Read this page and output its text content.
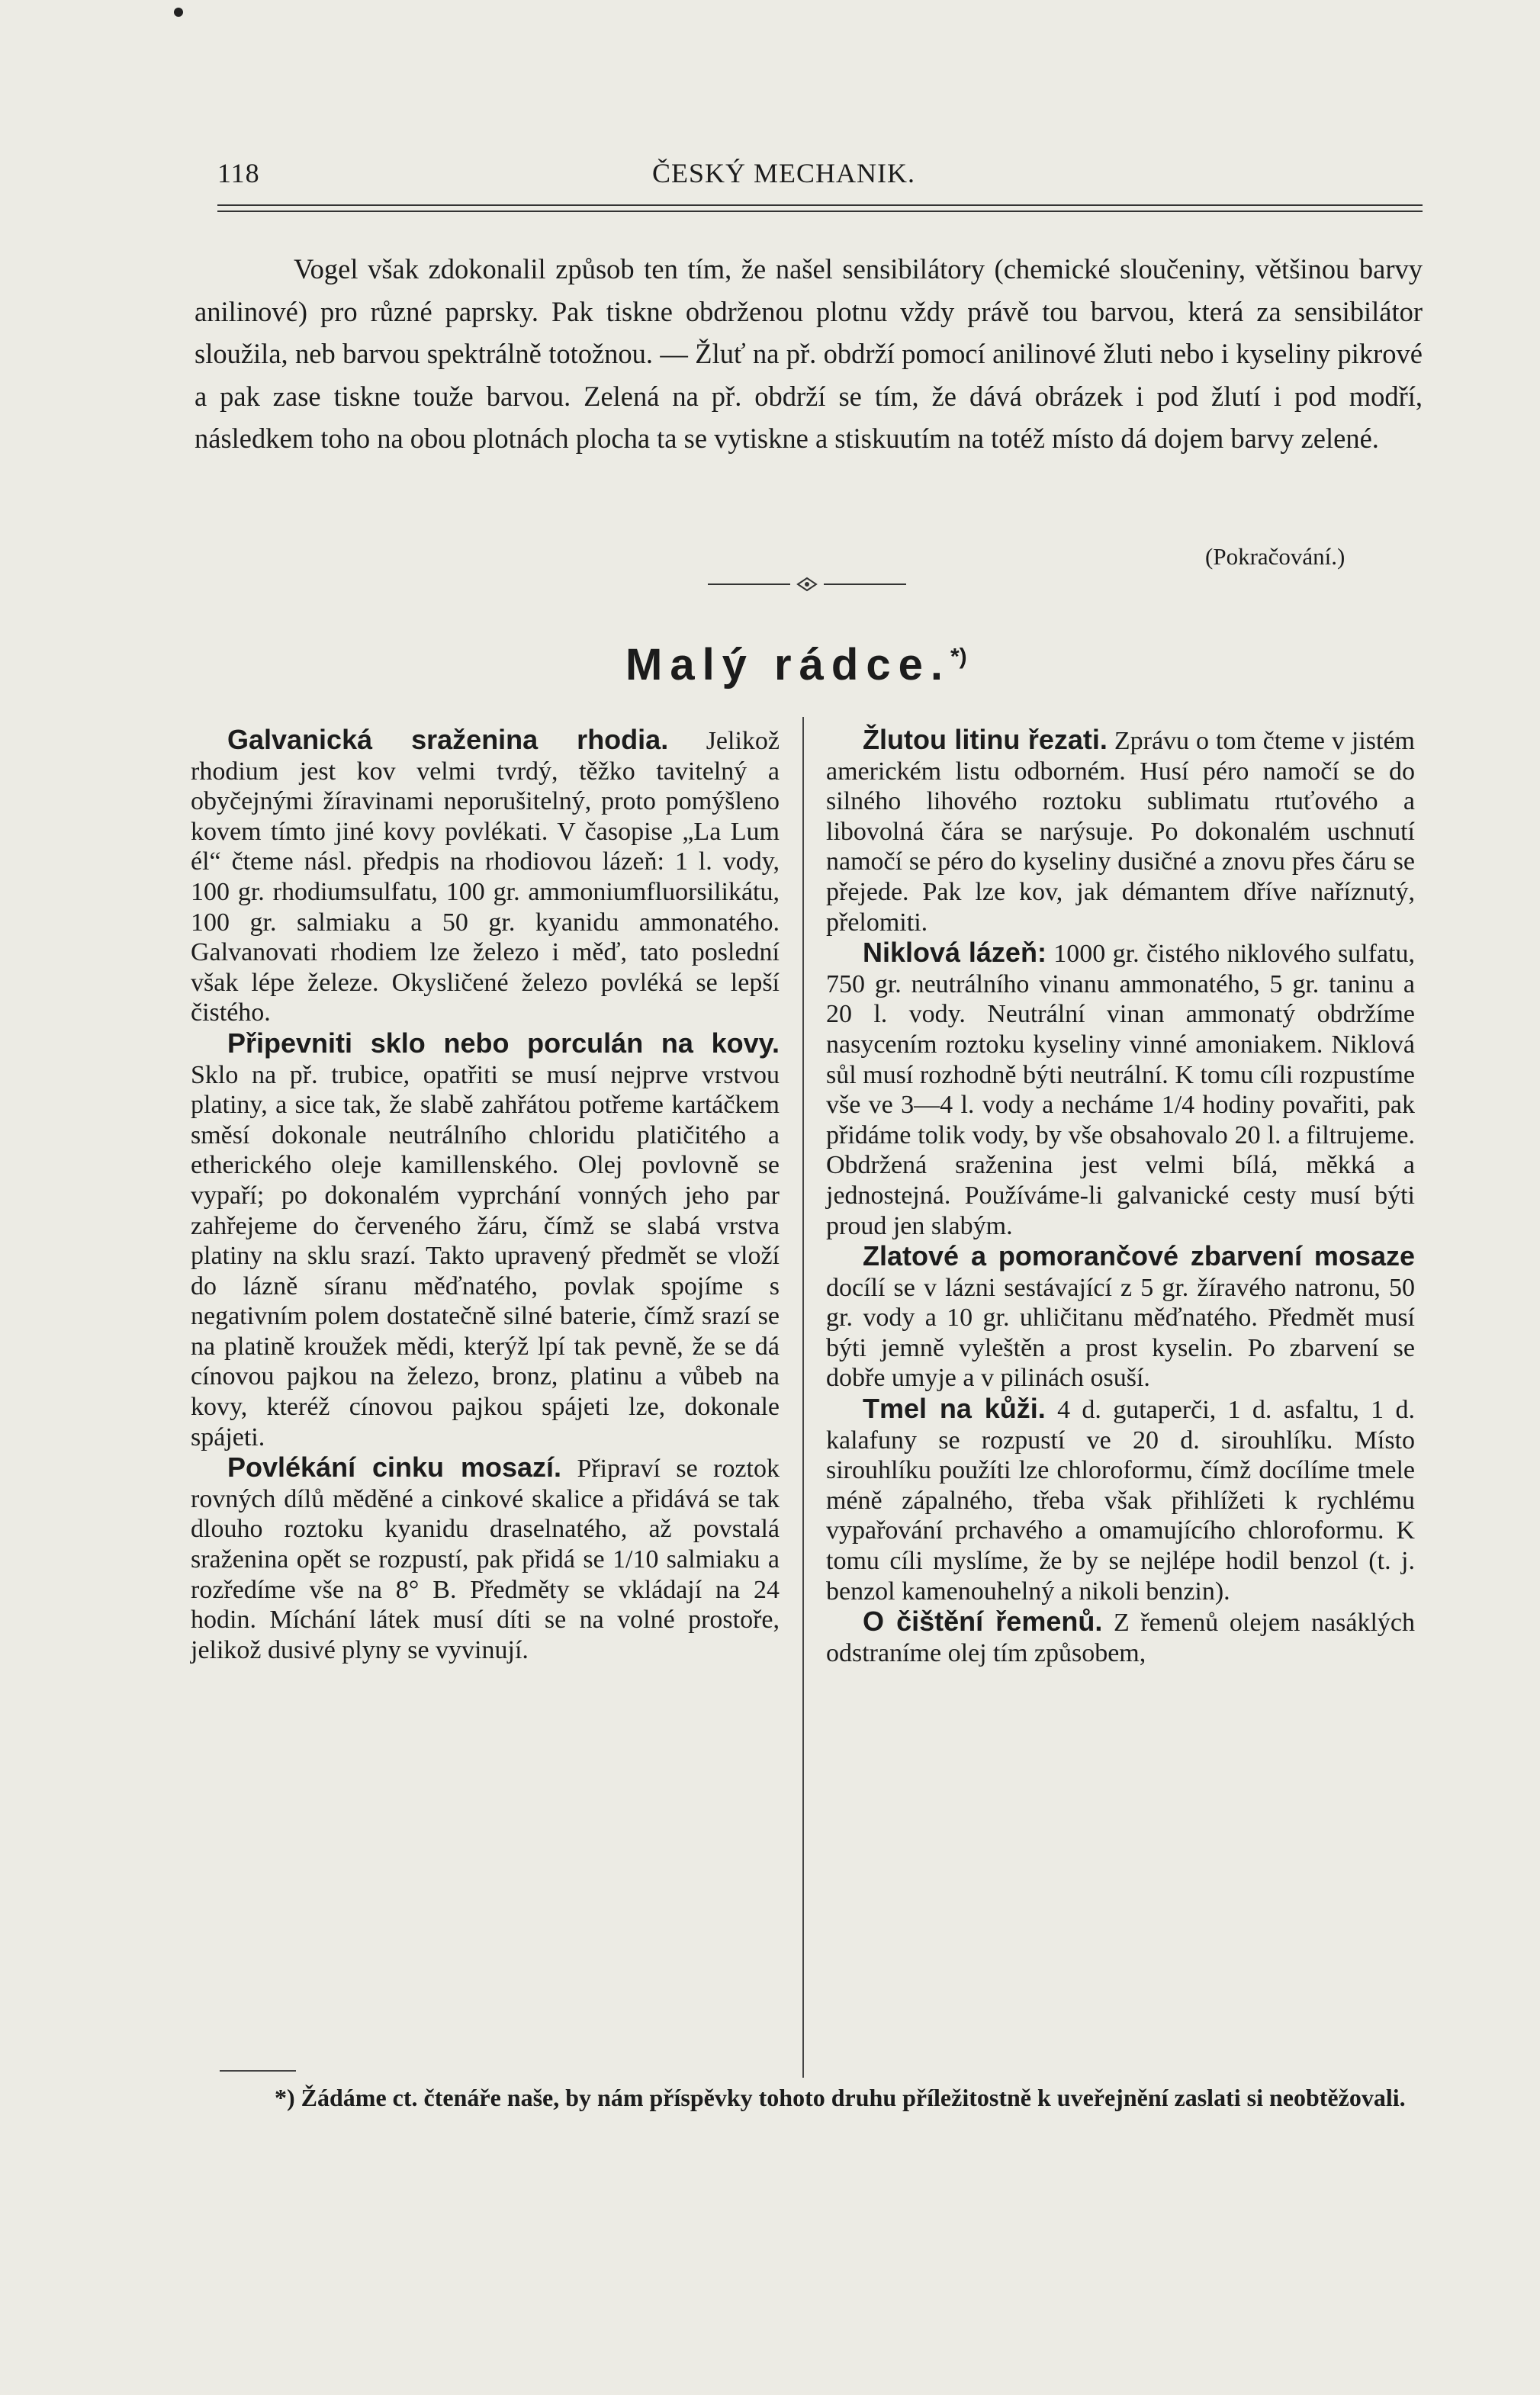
118	ČESKÝ MECHANIK.

Vogel však zdokonalil způsob ten tím, že našel sensibilátory (chemické sloučeniny, většinou barvy anilinové) pro různé paprsky. Pak tiskne obdrženou plotnu vždy právě tou barvou, která za sensibilátor sloužila, neb barvou spektrálně totožnou. — Žluť na př. obdrží pomocí anilinové žluti nebo i kyseliny pikrové a pak zase tiskne touže barvou. Zelená na př. obdrží se tím, že dává obrázek i pod žlutí i pod modří, následkem toho na obou plotnách plocha ta se vytiskne a stiskuutím na totéž místo dá dojem barvy zelené.

(Pokračování.)
Malý rádce.*)

Galvanická sraženina rhodia. Jelikož rhodium jest kov velmi tvrdý, těžko tavitelný a obyčejnými žíravinami neporušitelný, proto pomýšleno kovem tímto jiné kovy povlékati. V časopise „La Lum él“ čteme násl. předpis na rhodiovou lázeň: 1 l. vody, 100 gr. rhodiumsulfatu, 100 gr. ammoniumfluorsilikátu, 100 gr. salmiaku a 50 gr. kyanidu ammonatého. Galvanovati rhodiem lze železo i měď, tato poslední však lépe železe. Okysličené železo povléká se lepší čistého.

Připevniti sklo nebo porculán na kovy. Sklo na př. trubice, opatřiti se musí nejprve vrstvou platiny, a sice tak, že slabě zahřátou potřeme kartáčkem směsí dokonale neutrálního chloridu platičitého a etherického oleje kamillenského. Olej povlovně se vypaří; po dokonalém vyprchání vonných jeho par zahřejeme do červeného žáru, čímž se slabá vrstva platiny na sklu srazí. Takto upravený předmět se vloží do lázně síranu měďnatého, povlak spojíme s negativním polem dostatečně silné baterie, čímž srazí se na platině kroužek mědi, kterýž lpí tak pevně, že se dá cínovou pajkou na železo, bronz, platinu a vůbeb na kovy, kteréž cínovou pajkou spájeti lze, dokonale spájeti.

Povlékání cinku mosazí. Připraví se roztok rovných dílů měděné a cinkové skalice a přidává se tak dlouho roztoku kyanidu draselnatého, až povstalá sraženina opět se rozpustí, pak přidá se 1/10 salmiaku a rozředíme vše na 8° B. Předměty se vkládají na 24 hodin. Míchání látek musí díti se na volné prostoře, jelikož dusivé plyny se vyvinují.

Žlutou litinu řezati. Zprávu o tom čteme v jistém americkém listu odborném. Husí péro namočí se do silného lihového roztoku sublimatu rtuťového a libovolná čára se narýsuje. Po dokonalém uschnutí namočí se péro do kyseliny dusičné a znovu přes čáru se přejede. Pak lze kov, jak démantem dříve naříznutý, přelomiti.

Niklová lázeň: 1000 gr. čistého niklového sulfatu, 750 gr. neutrálního vinanu ammonatého, 5 gr. taninu a 20 l. vody. Neutrální vinan ammonatý obdržíme nasycením roztoku kyseliny vinné amoniakem. Niklová sůl musí rozhodně býti neutrální. K tomu cíli rozpustíme vše ve 3—4 l. vody a necháme 1/4 hodiny povařiti, pak přidáme tolik vody, by vše obsahovalo 20 l. a filtrujeme. Obdržená sraženina jest velmi bílá, měkká a jednostejná. Používáme-li galvanické cesty musí býti proud jen slabým.

Zlatové a pomorančové zbarvení mosaze docílí se v lázni sestávající z 5 gr. žíravého natronu, 50 gr. vody a 10 gr. uhličitanu měďnatého. Předmět musí býti jemně vyleštěn a prost kyselin. Po zbarvení se dobře umyje a v pilinách osuší.

Tmel na kůži. 4 d. gutaperči, 1 d. asfaltu, 1 d. kalafuny se rozpustí ve 20 d. sirouhlíku. Místo sirouhlíku použíti lze chloroformu, čímž docílíme tmele méně zápalného, třeba však přihlížeti k rychlému vypařování prchavého a omamujícího chloroformu. K tomu cíli myslíme, že by se nejlépe hodil benzol (t. j. benzol kamenouhelný a nikoli benzin).

O čištění řemenů. Z řemenů olejem nasáklých odstraníme olej tím způsobem,

*) Žádáme ct. čtenáře naše, by nám příspěvky tohoto druhu příležitostně k uveřejnění zaslati si neobtěžovali.
